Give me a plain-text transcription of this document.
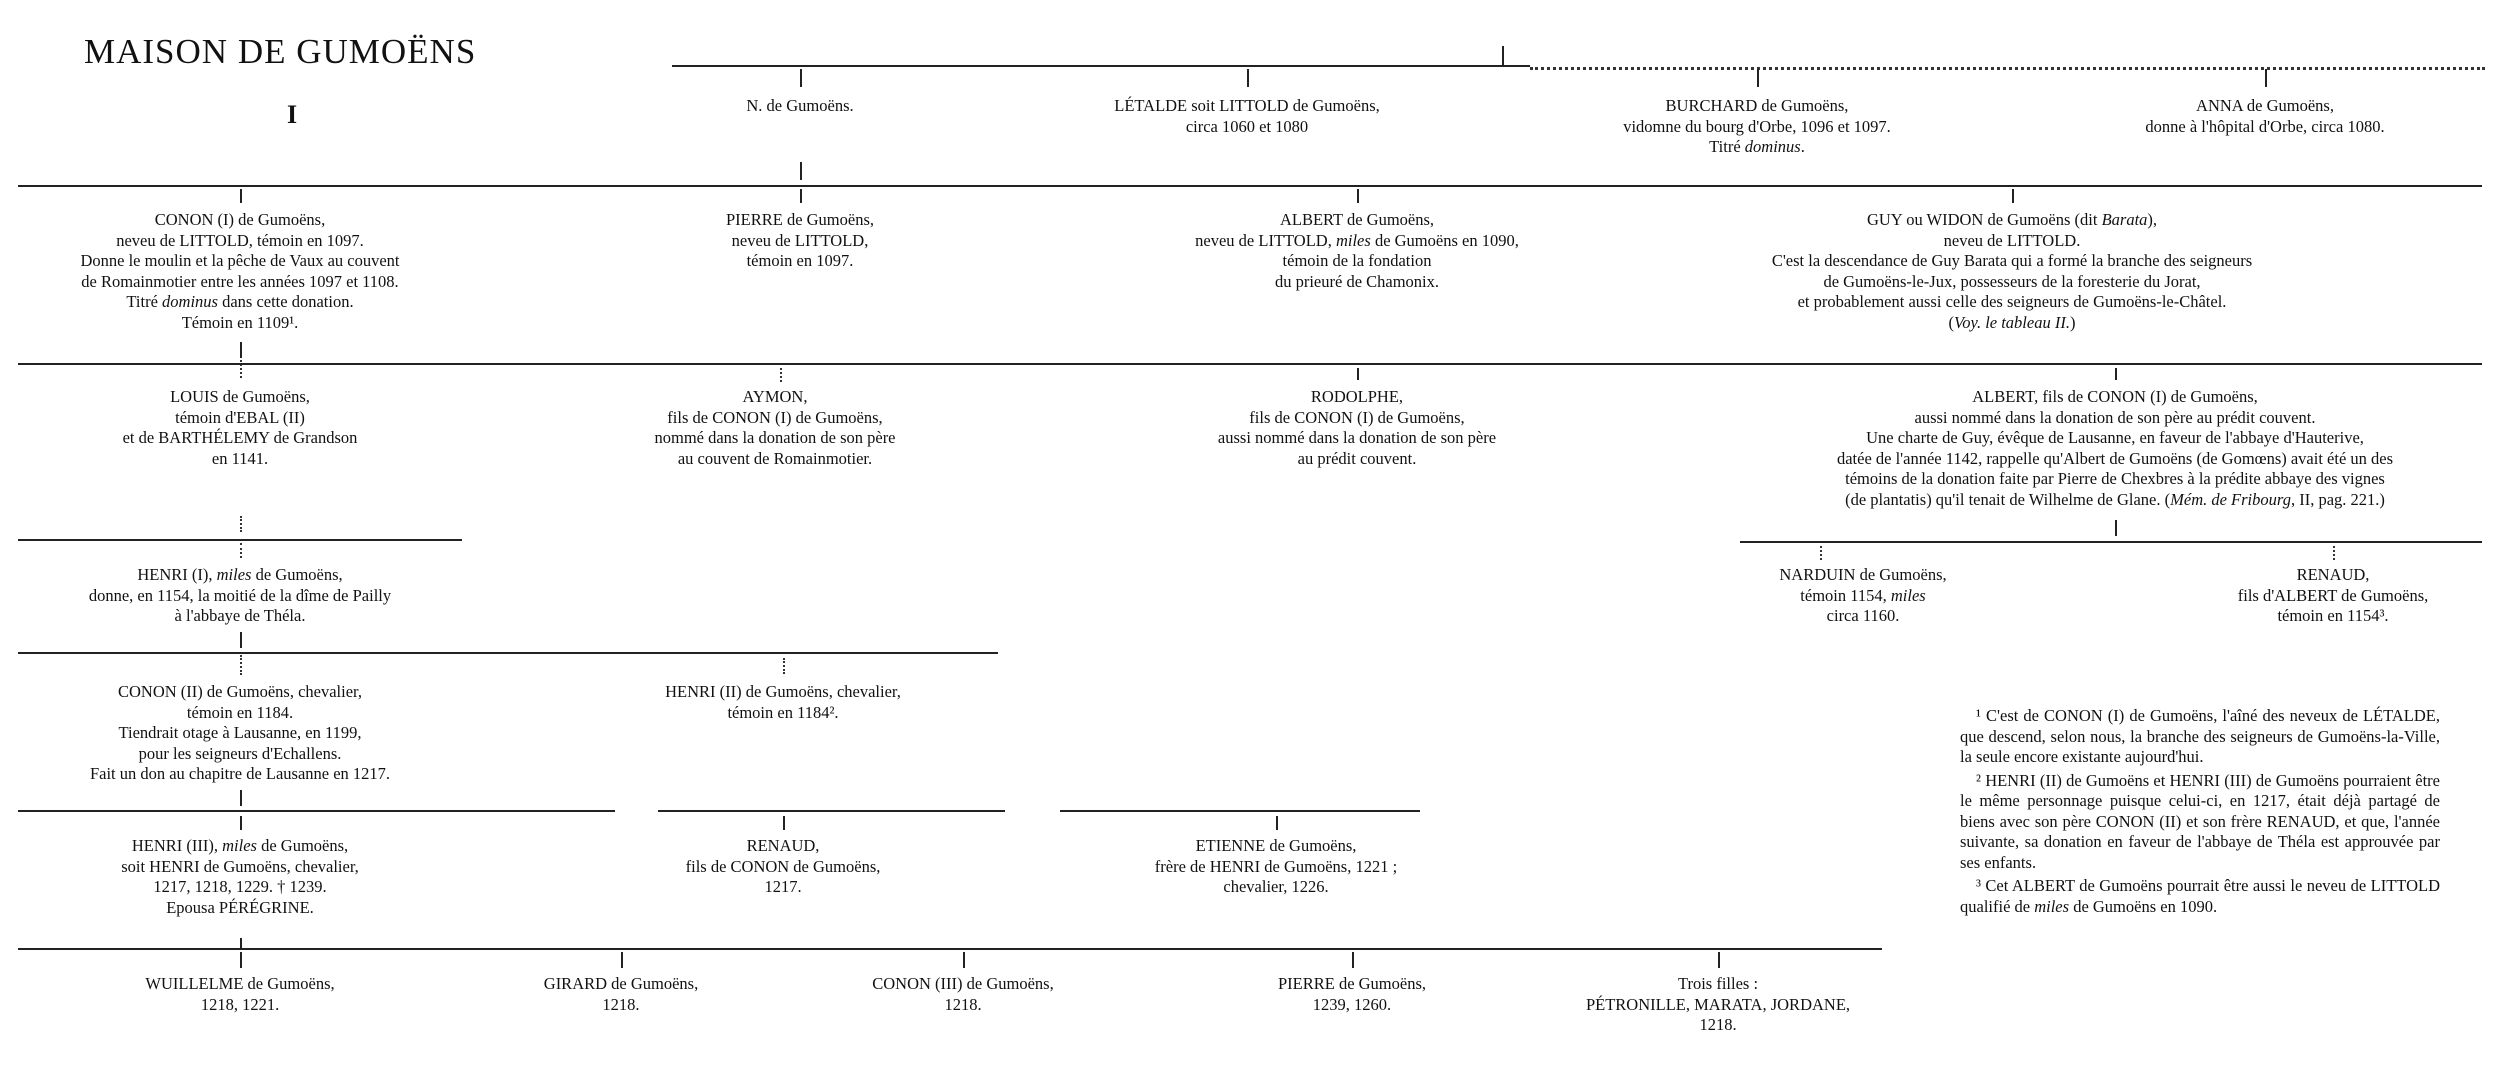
MAISON DE GUMOËNS
I	N. de Gumoëns.	LÉTALDE soit LITTOLD de Gumoëns,
circa 1060 et 1080
BURCHARD de Gumoëns,
vidomne du bourg d'Orbe, 1096 et 1097.
Titré dominus.
ANNA de Gumoëns,
donne à l'hôpital d'Orbe, circa 1080.
CONON (I) de Gumoëns,
neveu de LITTOLD, témoin en 1097.
Donne le moulin et la pêche de Vaux au couvent
de Romainmotier entre les années 1097 et 1108.
Titré dominus dans cette donation.
Témoin en 1109¹.
PIERRE de Gumoëns,
neveu de LITTOLD,
témoin en 1097.
ALBERT de Gumoëns,
neveu de LITTOLD, miles de Gumoëns en 1090,
témoin de la fondation
du prieuré de Chamonix.
GUY ou WIDON de Gumoëns (dit Barata),
neveu de LITTOLD.
C'est la descendance de Guy Barata qui a formé la branche des seigneurs
de Gumoëns-le-Jux, possesseurs de la foresterie du Jorat,
et probablement aussi celle des seigneurs de Gumoëns-le-Châtel.
(Voy. le tableau II.)
LOUIS de Gumoëns,
témoin d'EBAL (II)
et de BARTHÉLEMY de Grandson
en 1141.
AYMON,
fils de CONON (I) de Gumoëns,
nommé dans la donation de son père
au couvent de Romainmotier.
RODOLPHE,
fils de CONON (I) de Gumoëns,
aussi nommé dans la donation de son père
au prédit couvent.
ALBERT, fils de CONON (I) de Gumoëns,
aussi nommé dans la donation de son père au prédit couvent.
Une charte de Guy, évêque de Lausanne, en faveur de l'abbaye d'Hauterive,
datée de l'année 1142, rappelle qu'Albert de Gumoëns (de Gomœns) avait été un des
témoins de la donation faite par Pierre de Chexbres à la prédite abbaye des vignes
(de plantatis) qu'il tenait de Wilhelme de Glane. (Mém. de Fribourg, II, pag. 221.)
HENRI (I), miles de Gumoëns,
donne, en 1154, la moitié de la dîme de Pailly
à l'abbaye de Théla.
NARDUIN de Gumoëns,
témoin 1154, miles
circa 1160.
RENAUD,
fils d'ALBERT de Gumoëns,
témoin en 1154³.
CONON (II) de Gumoëns, chevalier,
témoin en 1184.
Tiendrait otage à Lausanne, en 1199,
pour les seigneurs d'Echallens.
Fait un don au chapitre de Lausanne en 1217.
HENRI (II) de Gumoëns, chevalier,
témoin en 1184².
HENRI (III), miles de Gumoëns,
soit HENRI de Gumoëns, chevalier,
1217, 1218, 1229. † 1239.
Epousa PÉRÉGRINE.
RENAUD,
fils de CONON de Gumoëns,
1217.
ETIENNE de Gumoëns,
frère de HENRI de Gumoëns, 1221 ;
chevalier, 1226.
WUILLELME de Gumoëns,
1218, 1221.
GIRARD de Gumoëns,
1218.
CONON (III) de Gumoëns,
1218.
PIERRE de Gumoëns,
1239, 1260.
Trois filles :
PÉTRONILLE, MARATA, JORDANE,
1218.

¹ C'est de CONON (I) de Gumoëns, l'aîné des neveux de LÉTALDE, que descend, selon nous, la branche des seigneurs de Gumoëns-la-Ville, la seule encore existante aujourd'hui.

² HENRI (II) de Gumoëns et HENRI (III) de Gumoëns pourraient être le même personnage puisque celui-ci, en 1217, était déjà partagé de biens avec son père CONON (II) et son frère RENAUD, et que, l'année suivante, sa donation en faveur de l'abbaye de Théla est approuvée par ses enfants.

³ Cet ALBERT de Gumoëns pourrait être aussi le neveu de LITTOLD qualifié de miles de Gumoëns en 1090.
